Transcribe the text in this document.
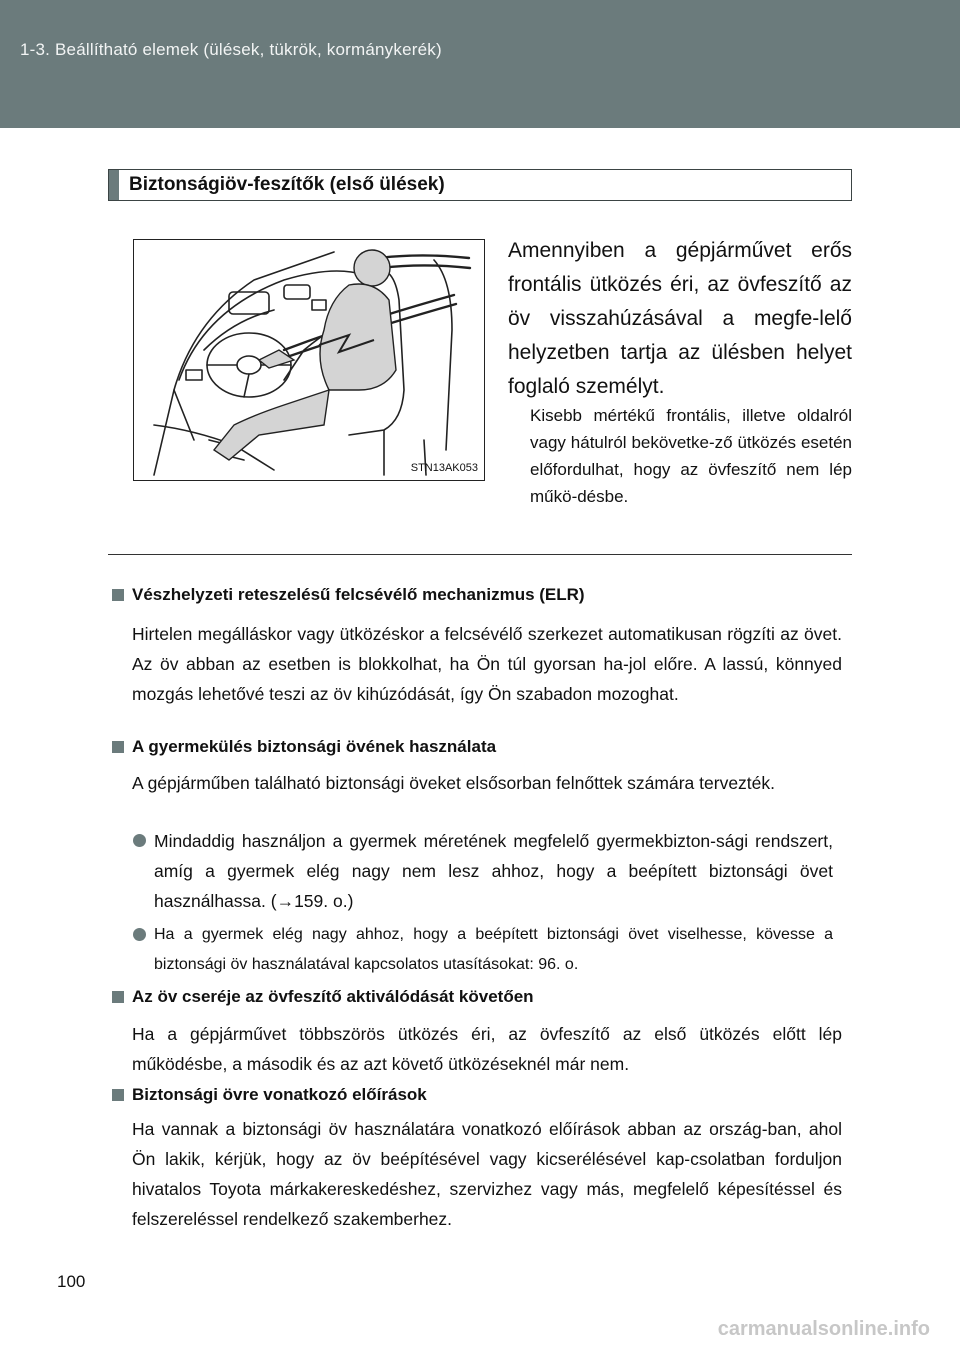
1-3. Beállítható elemek (ülések, tükrök, kormánykerék)
Biztonságiöv-feszítők (első ülések)
STN13AK053
Amennyiben a gépjárművet erős frontális ütközés éri, az övfeszítő az öv visszahúzásával a megfe-lelő helyzetben tartja az ülésben helyet foglaló személyt.
Kisebb mértékű frontális, illetve oldalról vagy hátulról bekövetke-ző ütközés esetén előfordulhat, hogy az övfeszítő nem lép műkö-désbe.
Vészhelyzeti reteszelésű felcsévélő mechanizmus (ELR)
Hirtelen megálláskor vagy ütközéskor a felcsévélő szerkezet automatikusan rögzíti az övet. Az öv abban az esetben is blokkolhat, ha Ön túl gyorsan ha-jol előre. A lassú, könnyed mozgás lehetővé teszi az öv kihúzódását, így Ön szabadon mozoghat.
A gyermekülés biztonsági övének használata
A gépjárműben található biztonsági öveket elsősorban felnőttek számára tervezték.
Mindaddig használjon a gyermek méretének megfelelő gyermekbizton-sági rendszert, amíg a gyermek elég nagy nem lesz ahhoz, hogy a beépített biztonsági övet használhassa. (→159. o.)
Ha a gyermek elég nagy ahhoz, hogy a beépített biztonsági övet viselhesse, kövesse a biztonsági öv használatával kapcsolatos utasításokat: 96. o.
Az öv cseréje az övfeszítő aktiválódását követően
Ha a gépjárművet többszörös ütközés éri, az övfeszítő az első ütközés előtt lép működésbe, a második és az azt követő ütközéseknél már nem.
Biztonsági övre vonatkozó előírások
Ha vannak a biztonsági öv használatára vonatkozó előírások abban az ország-ban, ahol Ön lakik, kérjük, hogy az öv beépítésével vagy kicserélésével kap-csolatban forduljon hivatalos Toyota márkakereskedéshez, szervizhez vagy más, megfelelő képesítéssel és felszereléssel rendelkező szakemberhez.
100
carmanualsonline.info
